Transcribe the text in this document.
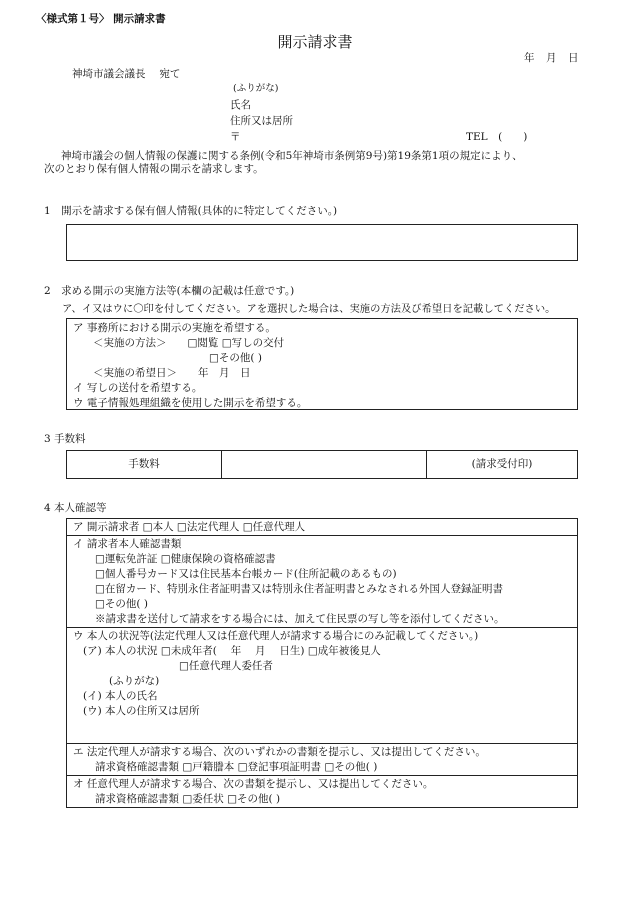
〈様式第１号〉 開示請求書
開示請求書
年　月　日
神埼市議会議長　 宛て
(ふりがな)
氏名
住所又は居所
〒	TEL　(　　)

神埼市議会の個人情報の保護に関する条例(令和5年神埼市条例第9号)第19条第1項の規定により、

次のとおり保有個人情報の開示を請求します。

1　開示を請求する保有個人情報(具体的に特定してください。)
2　求める開示の実施方法等(本欄の記載は任意です。)
ア、イ又はウに〇印を付してください。アを選択した場合は、実施の方法及び希望日を記載してください。
ア 事務所における開示の実施を希望する。
＜実施の方法＞　　□閲覧 □写しの交付
□その他( )
＜実施の希望日＞　　年　月　日
イ 写しの送付を希望する。
ウ 電子情報処理組織を使用した開示を希望する。
3 手数料
手数料		(請求受付印)
4 本人確認等
ア 開示請求者 □本人 □法定代理人 □任意代理人
イ 請求者本人確認書類
□運転免許証 □健康保険の資格確認書
□個人番号カード又は住民基本台帳カード(住所記載のあるもの)
□在留カード、特別永住者証明書又は特別永住者証明書とみなされる外国人登録証明書
□その他( )
※請求書を送付して請求をする場合には、加えて住民票の写し等を添付してください。
ウ 本人の状況等(法定代理人又は任意代理人が請求する場合にのみ記載してください。)
(ア) 本人の状況 □未成年者(　 年　 月　 日生) □成年被後見人
□任意代理人委任者
(ふりがな)
(イ) 本人の氏名
(ウ) 本人の住所又は居所
エ 法定代理人が請求する場合、次のいずれかの書類を提示し、又は提出してください。
請求資格確認書類 □戸籍謄本 □登記事項証明書 □その他( )
オ 任意代理人が請求する場合、次の書類を提示し、又は提出してください。
請求資格確認書類 □委任状 □その他( )
